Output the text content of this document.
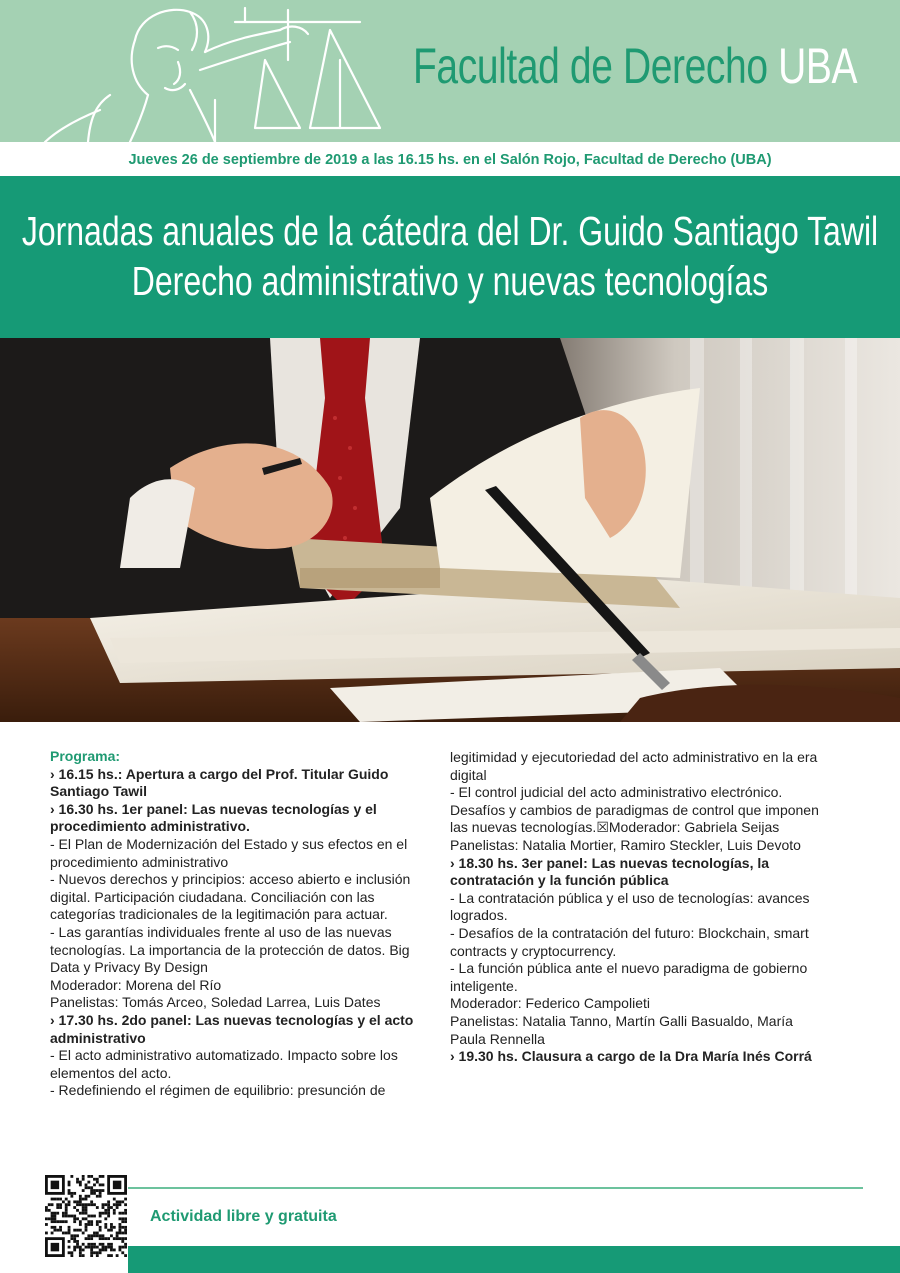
Facultad de Derecho UBA
Jueves 26 de septiembre de 2019 a las 16.15 hs. en el Salón Rojo, Facultad de Derecho (UBA)
Jornadas anuales de la cátedra del Dr. Guido Santiago Tawil
Derecho administrativo y nuevas tecnologías

Programa:

› 16.15 hs.: Apertura a cargo del Prof. Titular Guido Santiago Tawil

› 16.30 hs. 1er panel: Las nuevas tecnologías y el procedimiento administrativo.

- El Plan de Modernización del Estado y sus efectos en el procedimiento administrativo

- Nuevos derechos y principios: acceso abierto e inclusión digital. Participación ciudadana. Conciliación con las categorías tradicionales de la legitimación para actuar.

- Las garantías individuales frente al uso de las nuevas tecnologías. La importancia de la protección de datos. Big Data y Privacy By Design

Moderador: Morena del Río

Panelistas: Tomás Arceo, Soledad Larrea, Luis Dates

› 17.30 hs. 2do panel: Las nuevas tecnologías y el acto administrativo

- El acto administrativo automatizado. Impacto sobre los elementos del acto.

- Redefiniendo el régimen de equilibrio: presunción de

legitimidad y ejecutoriedad del acto administrativo en la era digital

- El control judicial del acto administrativo electrónico. Desafíos y cambios de paradigmas de control que imponen las nuevas tecnologías.☒Moderador: Gabriela Seijas

Panelistas: Natalia Mortier, Ramiro Steckler, Luis Devoto

› 18.30 hs. 3er panel: Las nuevas tecnologías, la contratación y la función pública

- La contratación pública y el uso de tecnologías: avances logrados.

- Desafíos de la contratación del futuro: Blockchain, smart contracts y cryptocurrency.

- La función pública ante el nuevo paradigma de gobierno inteligente.

Moderador: Federico Campolieti

Panelistas: Natalia Tanno, Martín Galli Basualdo, María Paula Rennella

› 19.30 hs. Clausura a cargo de la Dra María Inés Corrá

Actividad libre y gratuita
